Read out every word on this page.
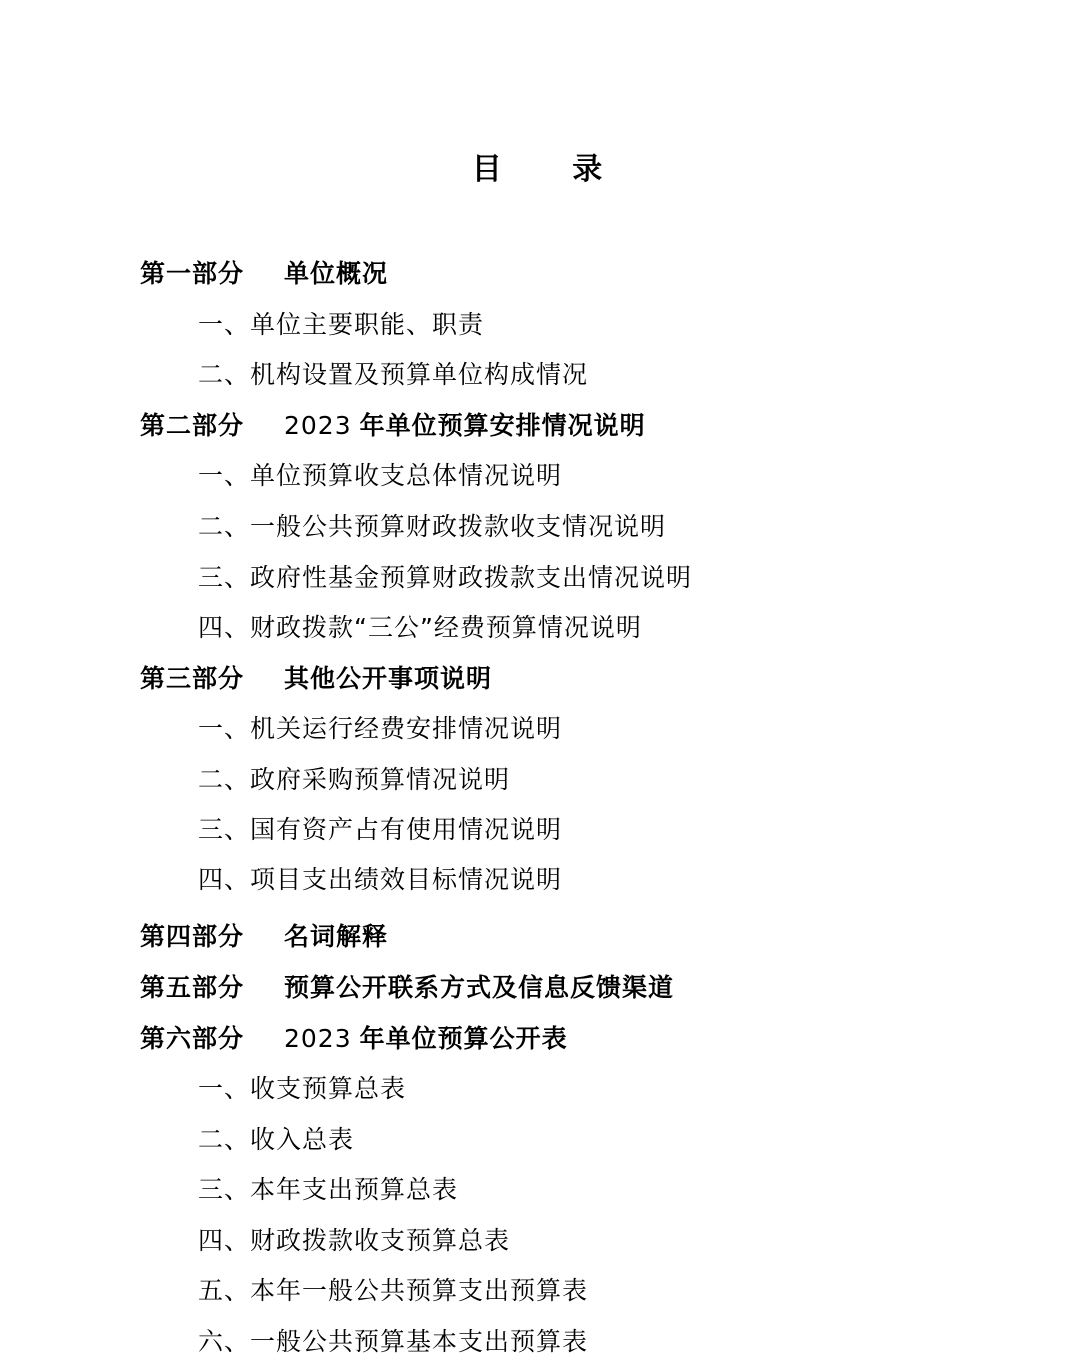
目 录
第一部分 单位概况
一、单位主要职能、职责
二、机构设置及预算单位构成情况
第二部分 2023 年单位预算安排情况说明
一、单位预算收支总体情况说明
二、一般公共预算财政拨款收支情况说明
三、政府性基金预算财政拨款支出情况说明
四、财政拨款“三公”经费预算情况说明
第三部分 其他公开事项说明
一、机关运行经费安排情况说明
二、政府采购预算情况说明
三、国有资产占有使用情况说明
四、项目支出绩效目标情况说明
第四部分 名词解释
第五部分 预算公开联系方式及信息反馈渠道
第六部分 2023 年单位预算公开表
一、收支预算总表
二、收入总表
三、本年支出预算总表
四、财政拨款收支预算总表
五、本年一般公共预算支出预算表
六、一般公共预算基本支出预算表
